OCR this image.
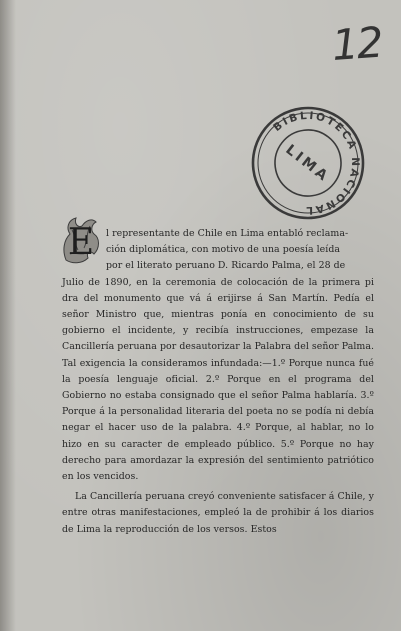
12
BIBLIOTECA NACIONAL
LIMA
E	l representante de Chile en Lima entabló reclama-
ción diplomática, con motivo de una poesía leída
por el literato peruano D. Ricardo Palma, el 28 de
Julio de 1890, en la ceremonia de colocación de la primera pi dra del monumento que vá á erijirse á San Martín. Pedía el señor Ministro que, mientras ponía en conocimiento de su gobierno el incidente, y recibía instrucciones, empezase la Cancillería peruana por desautorizar la Palabra del señor Palma. Tal exigencia la consideramos infundada:—1.º Porque nunca fué la poesía lenguaje oficial. 2.º Porque en el programa del Gobierno no estaba consignado que el señor Palma hablaría. 3.º Porque á la personalidad literaria del poeta no se podía ni debía negar el hacer uso de la palabra. 4.º Porque, al hablar, no lo hizo en su caracter de empleado público. 5.º Porque no hay derecho para amordazar la expresión del sentimiento patriótico en los vencidos.

La Cancillería peruana creyó conveniente satisfacer á Chile, y entre otras manifestaciones, empleó la de prohibir á los diarios de Lima la reproducción de los versos. Estos
